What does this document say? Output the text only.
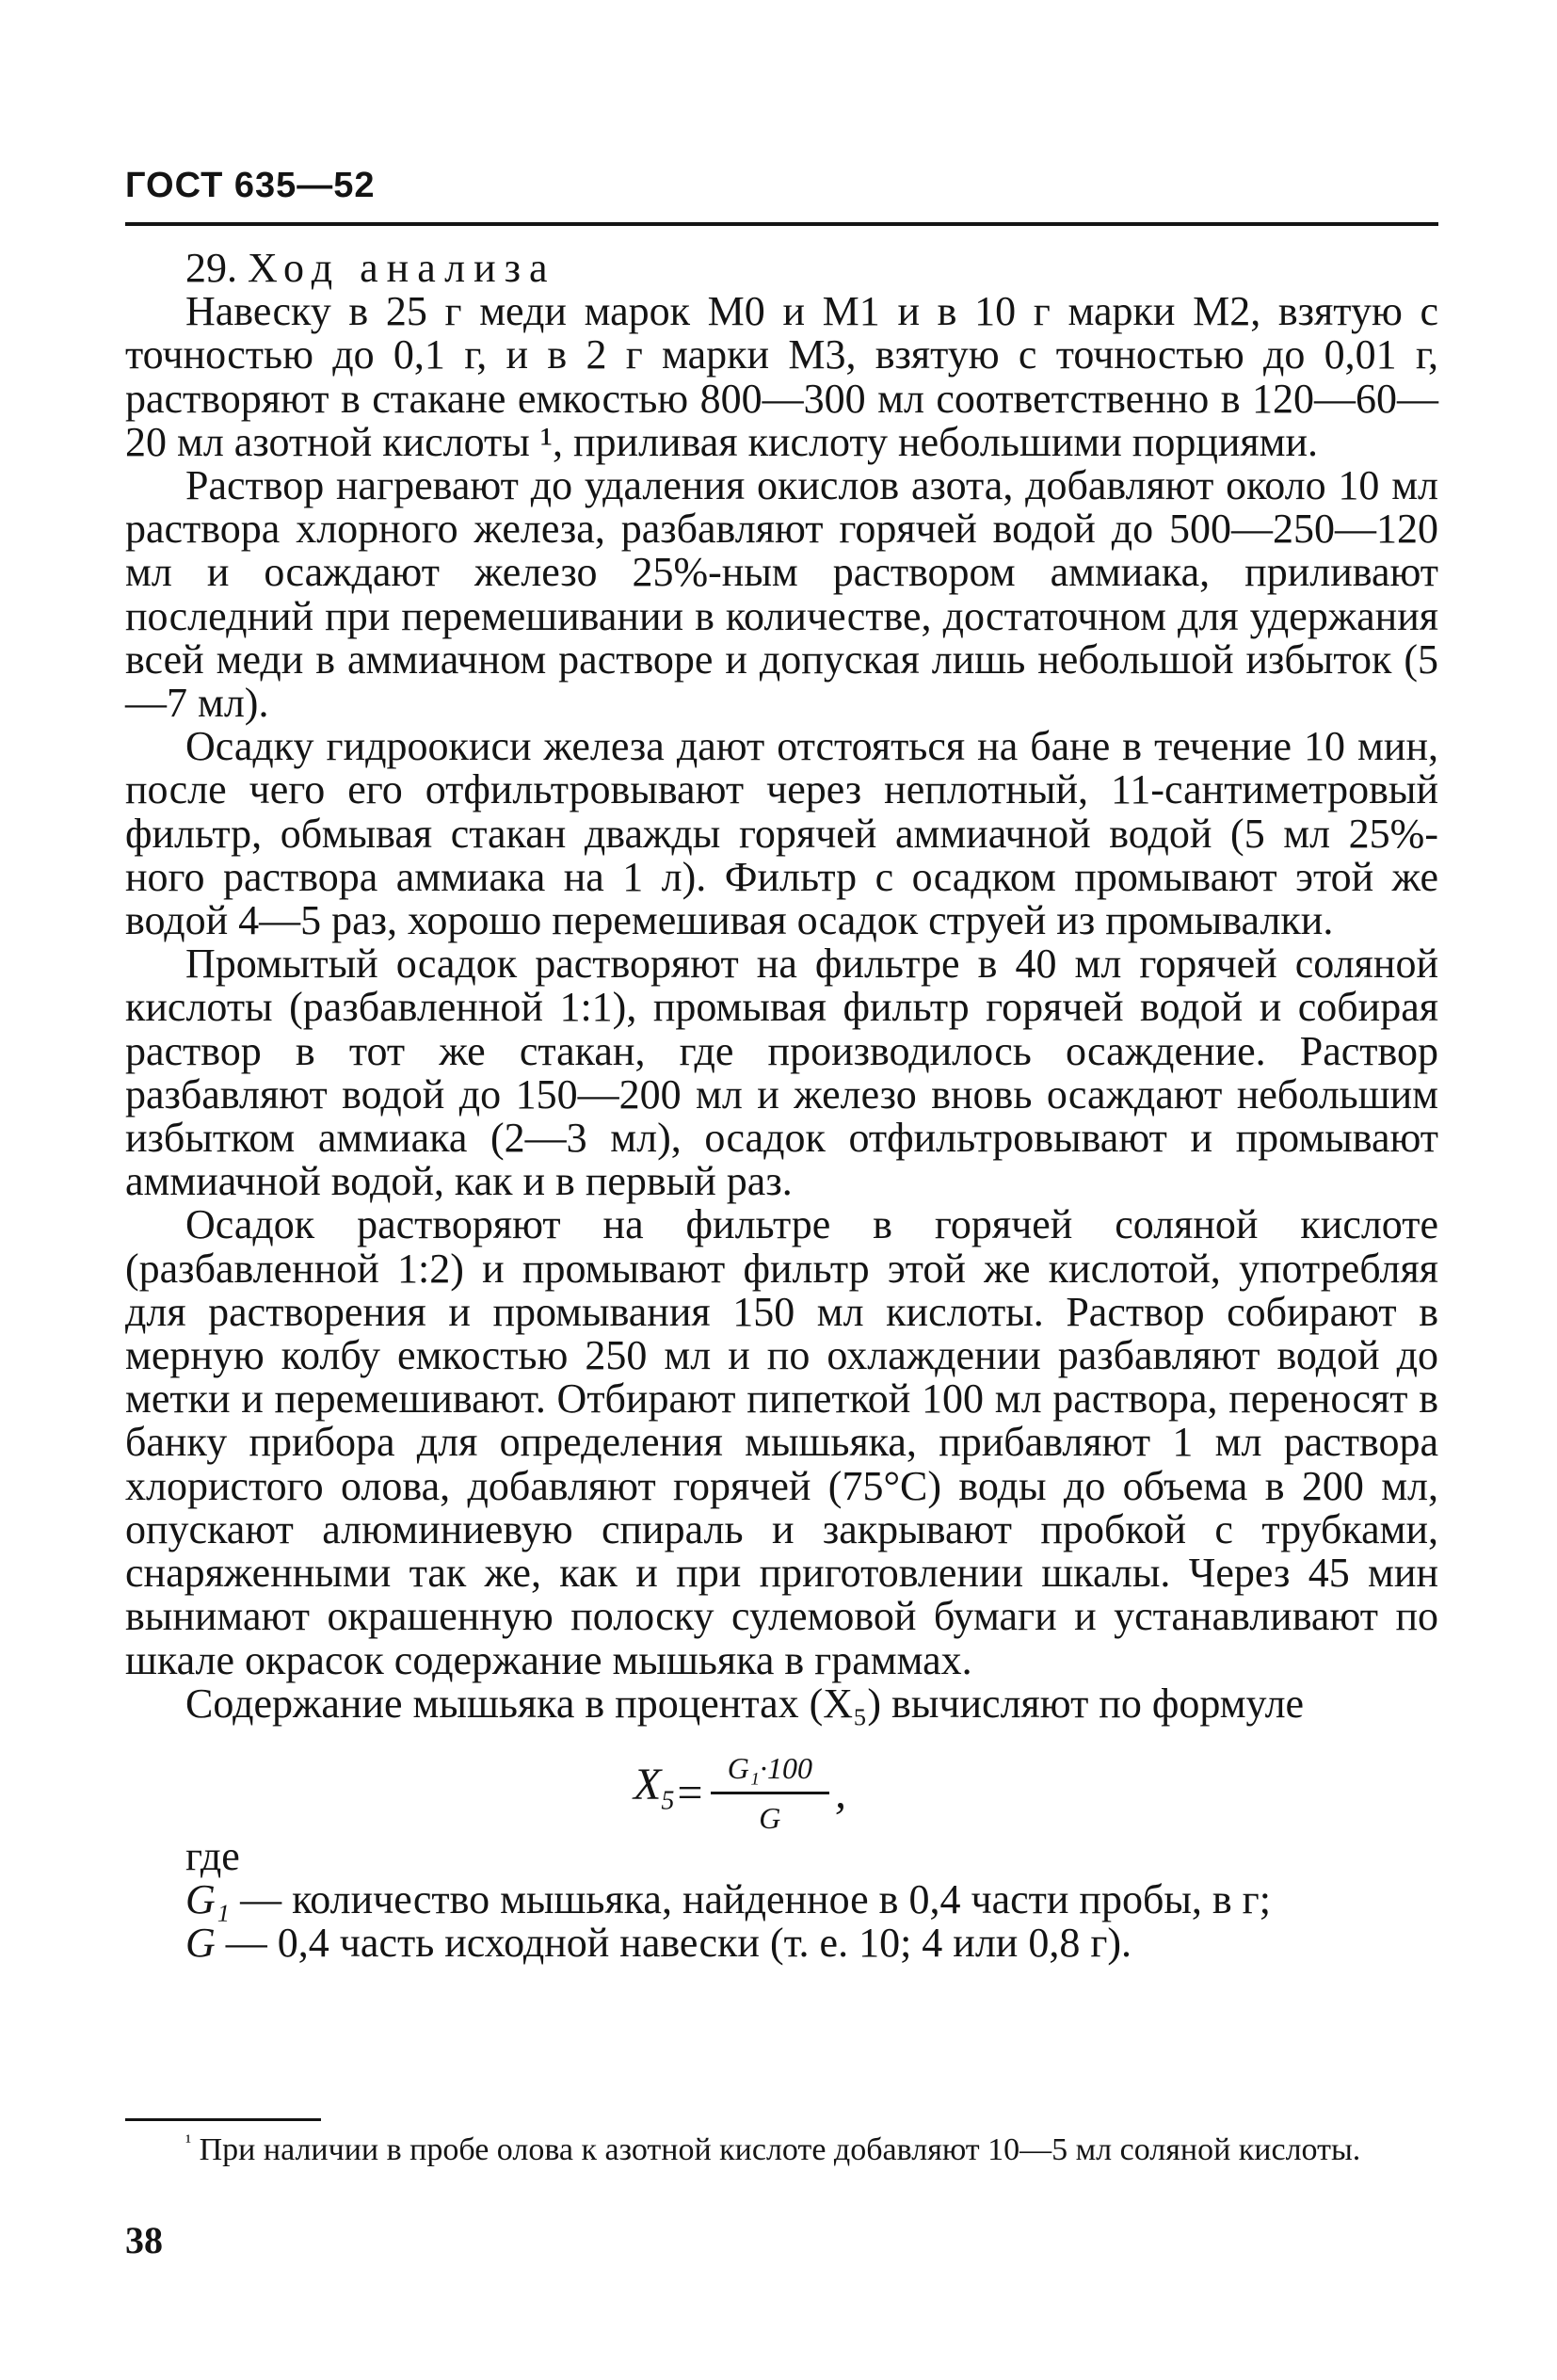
ГОСТ 635—52
29. Ход анализа

Навеску в 25 г меди марок М0 и М1 и в 10 г марки М2, взятую с точностью до 0,1 г, и в 2 г марки М3, взятую с точностью до 0,01 г, растворяют в стакане емкостью 800—300 мл соответственно в 120—60—20 мл азотной кислоты ¹, приливая кислоту небольшими порциями.

Раствор нагревают до удаления окислов азота, добавляют около 10 мл раствора хлорного железа, разбавляют горячей водой до 500—250—120 мл и осаждают железо 25%-ным раствором аммиака, приливают последний при перемешивании в количестве, достаточном для удержания всей меди в аммиачном растворе и допуская лишь небольшой избыток (5—7 мл).

Осадку гидроокиси железа дают отстояться на бане в течение 10 мин, после чего его отфильтровывают через неплотный, 11-сантиметровый фильтр, обмывая стакан дважды горячей аммиачной водой (5 мл 25%-ного раствора аммиака на 1 л). Фильтр с осадком промывают этой же водой 4—5 раз, хорошо перемешивая осадок струей из промывалки.

Промытый осадок растворяют на фильтре в 40 мл горячей соляной кислоты (разбавленной 1:1), промывая фильтр горячей водой и собирая раствор в тот же стакан, где производилось осаждение. Раствор разбавляют водой до 150—200 мл и железо вновь осаждают небольшим избытком аммиака (2—3 мл), осадок отфильтровывают и промывают аммиачной водой, как и в первый раз.

Осадок растворяют на фильтре в горячей соляной кислоте (разбавленной 1:2) и промывают фильтр этой же кислотой, употребляя для растворения и промывания 150 мл кислоты. Раствор собирают в мерную колбу емкостью 250 мл и по охлаждении разбавляют водой до метки и перемешивают. Отбирают пипеткой 100 мл раствора, переносят в банку прибора для определения мышьяка, прибавляют 1 мл раствора хлористого олова, добавляют горячей (75°С) воды до объема в 200 мл, опускают алюминиевую спираль и закрывают пробкой с трубками, снаряженными так же, как и при приготовлении шкалы. Через 45 мин вынимают окрашенную полоску сулемовой бумаги и устанавливают по шкале окрасок содержание мышьяка в граммах.

Содержание мышьяка в процентах (X₅) вычисляют по формуле

$X_5 = \frac{\text{G₁·100}}{G}$ ,

где

G₁ — количество мышьяка, найденное в 0,4 части пробы, в г;

G — 0,4 часть исходной навески (т. е. 10; 4 или 0,8 г).

$^{^1}$ При наличии в пробе олова к азотной кислоте добавляют 10—5 мл соляной кислоты.
38
